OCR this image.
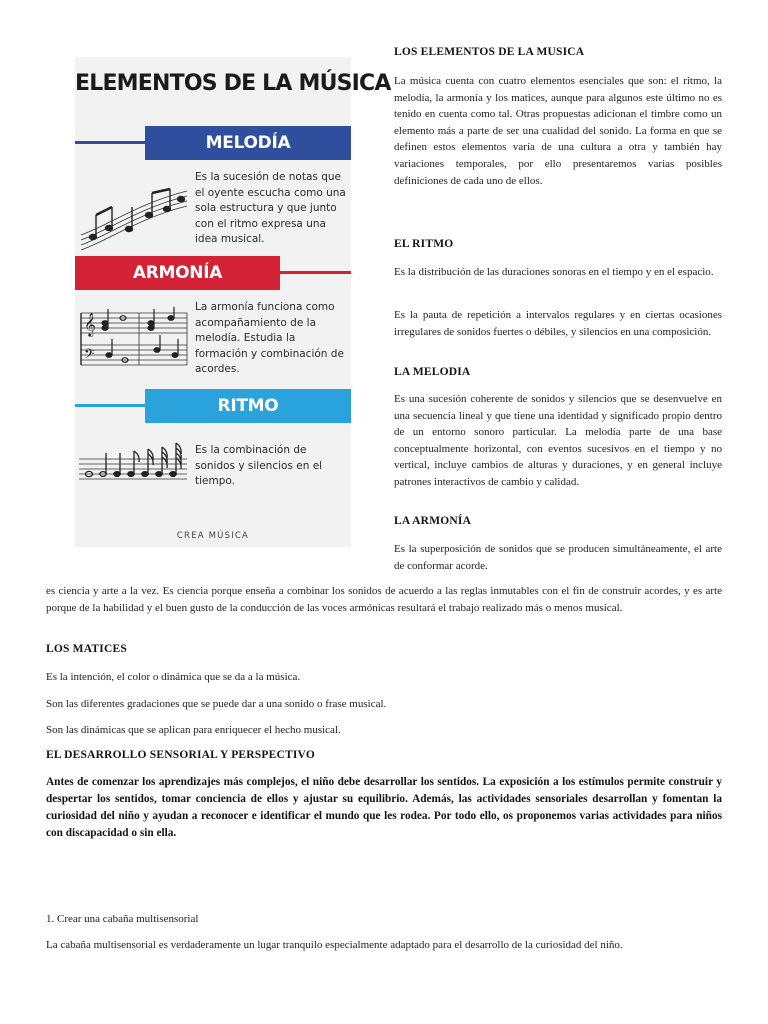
ELEMENTOS DE LA MÚSICA
MELODÍA
Es la sucesión de notas que el oyente escucha como una sola estructura y que junto con el ritmo expresa una idea musical.
ARMONÍA
La armonía funciona como acompañamiento de la melodía. Estudia la formación y combinación de acordes.
𝄞
𝄢
RITMO
Es la combinación de sonidos y silencios en el tiempo.
CREA MÚSICA
LOS ELEMENTOS DE LA MUSICA
La música cuenta con cuatro elementos esenciales que son: el ritmo, la melodía, la armonía y los matices, aunque para algunos este último no es tenido en cuenta como tal. Otras propuestas adicionan el timbre como un elemento más a parte de ser una cualidad del sonido. La forma en que se definen estos elementos varía de una cultura a otra y también hay variaciones temporales, por ello presentaremos varias posibles definiciones de cada uno de ellos.
EL RITMO
Es la distribución de las duraciones sonoras en el tiempo y en el espacio.
Es la pauta de repetición a intervalos regulares y en ciertas ocasiones irregulares de sonidos fuertes o débiles, y silencios en una composición.
LA MELODIA
Es una sucesión coherente de sonidos y silencios que se desenvuelve en una secuencia lineal y que tiene una identidad y significado propio dentro de un entorno sonoro particular. La melodía parte de una base conceptualmente horizontal, con eventos sucesivos en el tiempo y no vertical, incluye cambios de alturas y duraciones, y en general incluye patrones interactivos de cambio y calidad.
LA ARMONÍA
Es la superposición de sonidos que se producen simultáneamente, el arte de conformar acorde.
es ciencia y arte a la vez. Es ciencia porque enseña a combinar los sonidos de acuerdo a las reglas inmutables con el fin de construir acordes, y es arte porque de la habilidad y el buen gusto de la conducción de las voces armónicas resultará el trabajo realizado más o menos musical.
LOS MATICES
Es la intención, el color o dinámica que se da a la música.
Son las diferentes gradaciones que se puede dar a una sonido o frase musical.
Son las dinámicas que se aplican para enriquecer el hecho musical.
EL DESARROLLO SENSORIAL Y PERSPECTIVO
Antes de comenzar los aprendizajes más complejos, el niño debe desarrollar los sentidos. La exposición a los estímulos permite construir y despertar los sentidos, tomar conciencia de ellos y ajustar su equilibrio. Además, las actividades sensoriales desarrollan y fomentan la curiosidad del niño y ayudan a reconocer e identificar el mundo que les rodea. Por todo ello, os proponemos varias actividades para niños con discapacidad o sin ella.
1. Crear una cabaña multisensorial
La cabaña multisensorial es verdaderamente un lugar tranquilo especialmente adaptado para el desarrollo de la curiosidad del niño.
